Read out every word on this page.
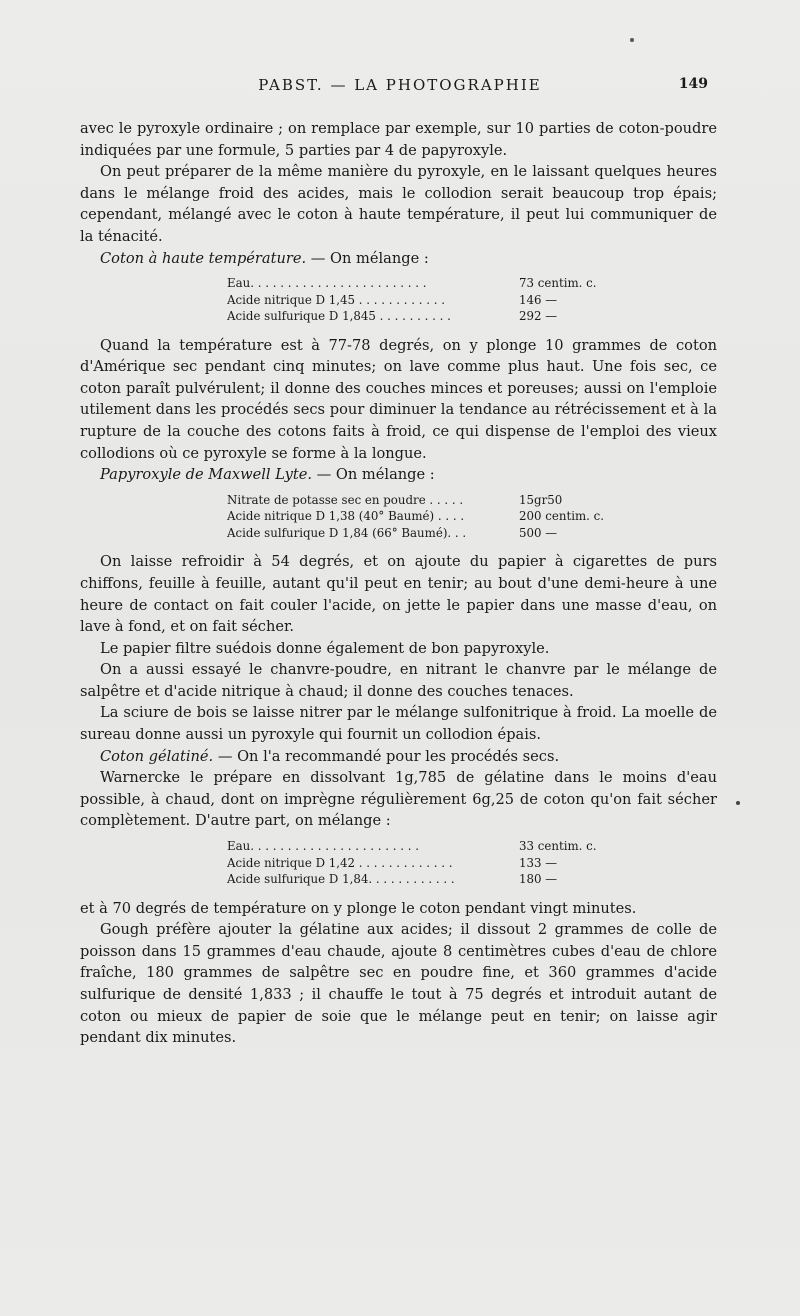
PABST. — LA PHOTOGRAPHIE	149

avec le pyroxyle ordinaire ; on remplace par exemple, sur 10 parties de coton-poudre indiquées par une formule, 5 parties par 4 de papyroxyle.

On peut préparer de la même manière du pyroxyle, en le laissant quelques heures dans le mélange froid des acides, mais le collodion serait beaucoup trop épais; cependant, mélangé avec le coton à haute température, il peut lui communiquer de la ténacité.

Coton à haute température. — On mélange :

Eau. . . . . . . . . . . . . . . . . . . . . . . .	73 centim. c.
Acide nitrique D 1,45 . . . . . . . . . . . .	146 —
Acide sulfurique D 1,845 . . . . . . . . . .	292 —

Quand la température est à 77-78 degrés, on y plonge 10 grammes de coton d'Amérique sec pendant cinq minutes; on lave comme plus haut. Une fois sec, ce coton paraît pulvérulent; il donne des couches minces et poreuses; aussi on l'emploie utilement dans les procédés secs pour diminuer la tendance au rétrécissement et à la rupture de la couche des cotons faits à froid, ce qui dispense de l'emploi des vieux collodions où ce pyroxyle se forme à la longue.

Papyroxyle de Maxwell Lyte. — On mélange :

Nitrate de potasse sec en poudre . . . . .	15gr50
Acide nitrique D 1,38 (40° Baumé) . . . .	200 centim. c.
Acide sulfurique D 1,84 (66° Baumé). . .	500 —

On laisse refroidir à 54 degrés, et on ajoute du papier à cigarettes de purs chiffons, feuille à feuille, autant qu'il peut en tenir; au bout d'une demi-heure à une heure de contact on fait couler l'acide, on jette le papier dans une masse d'eau, on lave à fond, et on fait sécher.

Le papier filtre suédois donne également de bon papyroxyle.

On a aussi essayé le chanvre-poudre, en nitrant le chanvre par le mélange de salpêtre et d'acide nitrique à chaud; il donne des couches tenaces.

La sciure de bois se laisse nitrer par le mélange sulfonitrique à froid. La moelle de sureau donne aussi un pyroxyle qui fournit un collodion épais.

Coton gélatiné. — On l'a recommandé pour les procédés secs.

Warnercke le prépare en dissolvant 1g,785 de gélatine dans le moins d'eau possible, à chaud, dont on imprègne régulièrement 6g,25 de coton qu'on fait sécher complètement. D'autre part, on mélange :

Eau. . . . . . . . . . . . . . . . . . . . . . .	33 centim. c.
Acide nitrique D 1,42 . . . . . . . . . . . . .	133 —
Acide sulfurique D 1,84. . . . . . . . . . . .	180 —

et à 70 degrés de température on y plonge le coton pendant vingt minutes.

Gough préfère ajouter la gélatine aux acides; il dissout 2 grammes de colle de poisson dans 15 grammes d'eau chaude, ajoute 8 centimètres cubes d'eau de chlore fraîche, 180 grammes de salpêtre sec en poudre fine, et 360 grammes d'acide sulfurique de densité 1,833 ; il chauffe le tout à 75 degrés et introduit autant de coton ou mieux de papier de soie que le mélange peut en tenir; on laisse agir pendant dix minutes.
